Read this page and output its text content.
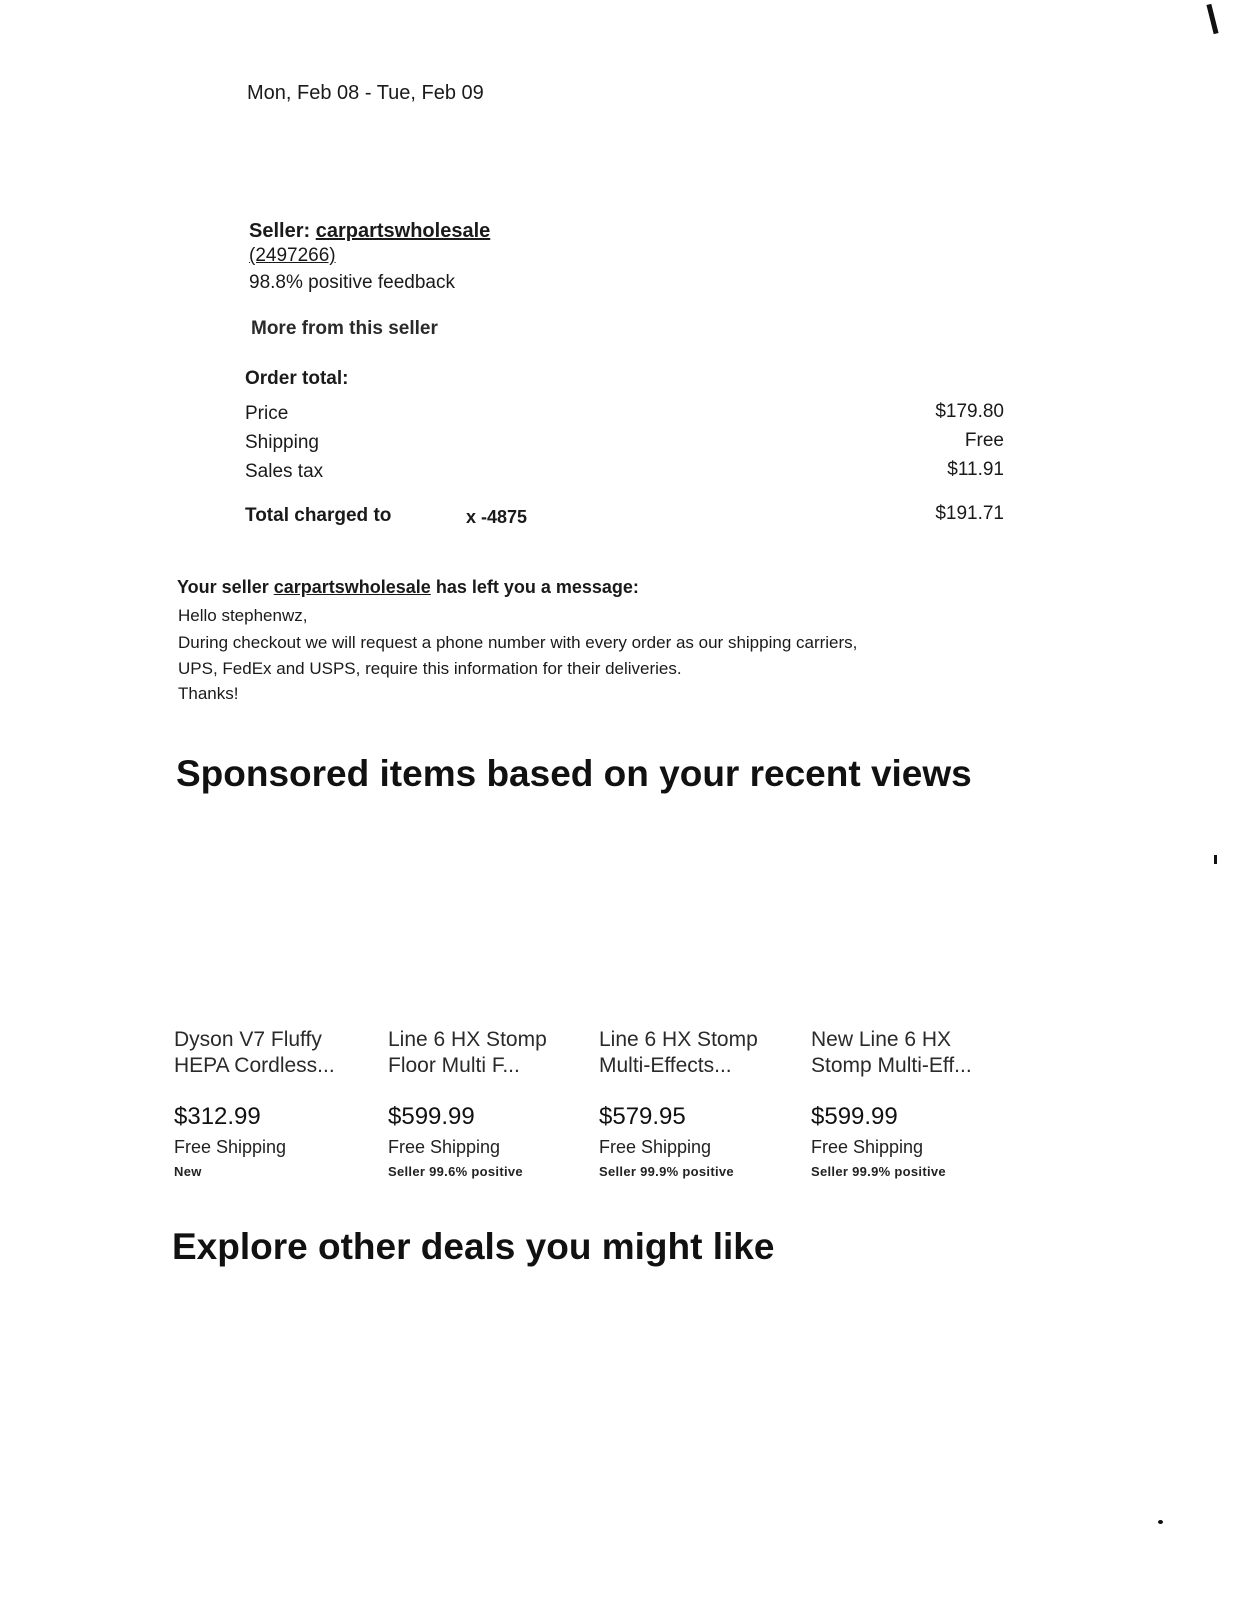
Mon, Feb 08 - Tue, Feb 09
Seller: carpartswholesale
(2497266)
98.8% positive feedback
More from this seller
Order total:
Price	$179.80
Shipping	Free
Sales tax	$11.91
Total charged to	x -4875	$191.71
Your seller carpartswholesale has left you a message:
Hello stephenwz,
During checkout we will request a phone number with every order as our shipping carriers,
UPS, FedEx and USPS, require this information for their deliveries.
Thanks!
Sponsored items based on your recent views
Dyson V7 Fluffy HEPA Cordless...
$312.99
Free Shipping
New
Line 6 HX Stomp Floor Multi F...
$599.99
Free Shipping
Seller 99.6% positive
Line 6 HX Stomp Multi-Effects...
$579.95
Free Shipping
Seller 99.9% positive
New Line 6 HX Stomp Multi-Eff...
$599.99
Free Shipping
Seller 99.9% positive
Explore other deals you might like
